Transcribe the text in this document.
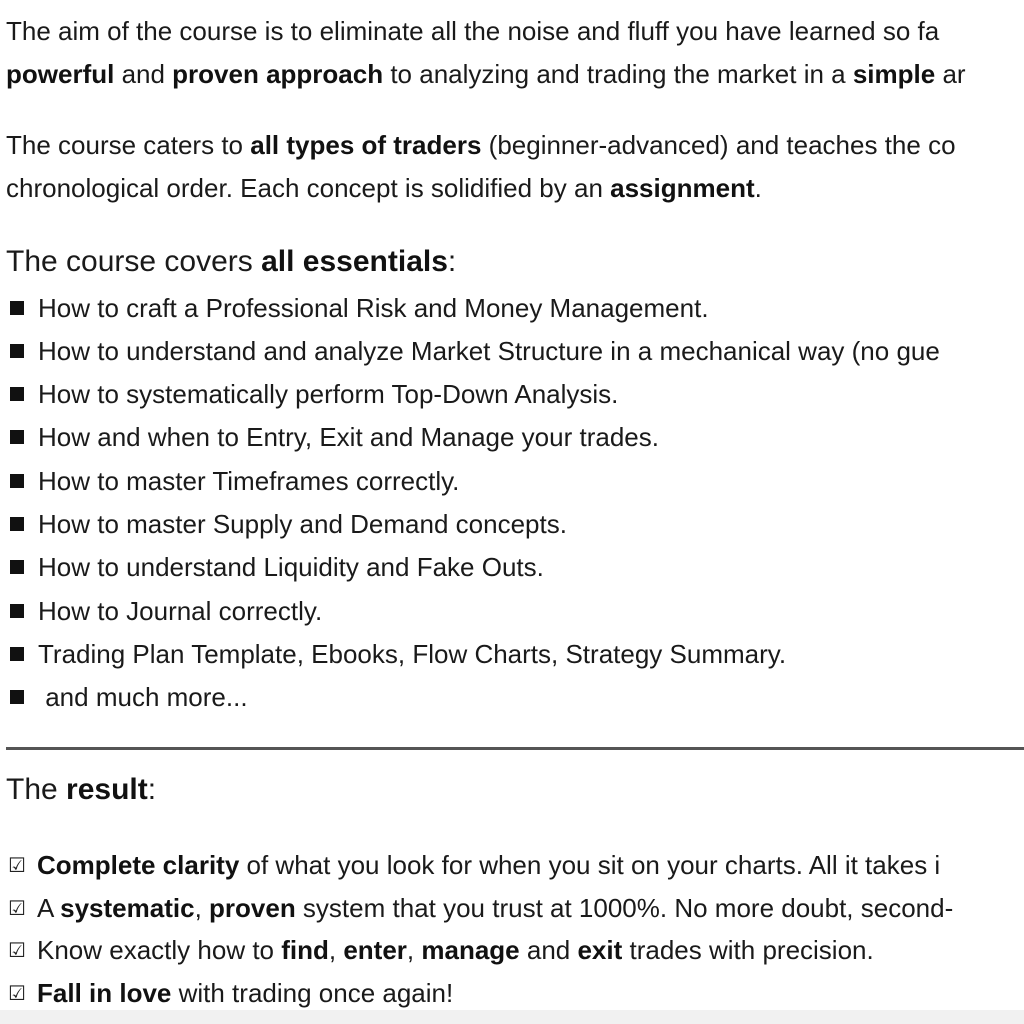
The aim of the course is to eliminate all the noise and fluff you have learned so fa
powerful and proven approach to analyzing and trading the market in a simple ar
The course caters to all types of traders (beginner-advanced) and teaches the co
chronological order. Each concept is solidified by an assignment.
The course covers all essentials:
How to craft a Professional Risk and Money Management.
How to understand and analyze Market Structure in a mechanical way (no gue
How to systematically perform Top-Down Analysis.
How and when to Entry, Exit and Manage your trades.
How to master Timeframes correctly.
How to master Supply and Demand concepts.
How to understand Liquidity and Fake Outs.
How to Journal correctly.
Trading Plan Template, Ebooks, Flow Charts, Strategy Summary.
and much more...
The result:
☑ Complete clarity of what you look for when you sit on your charts. All it takes i
☑ A systematic, proven system that you trust at 1000%. No more doubt, second-
☑ Know exactly how to find, enter, manage and exit trades with precision.
☑ Fall in love with trading once again!
